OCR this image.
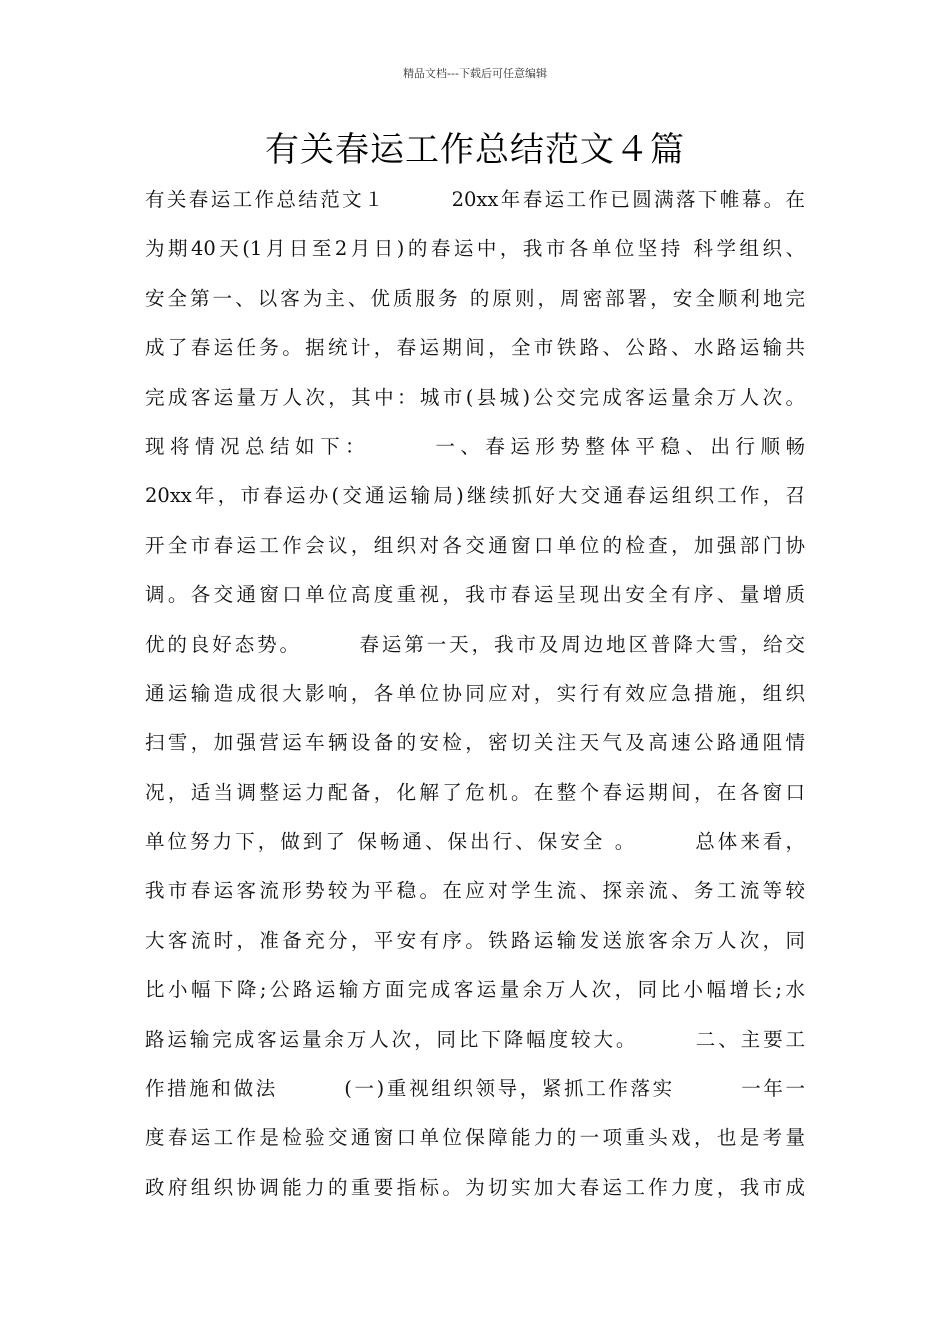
精品文档---下载后可任意编辑
有关春运工作总结范文４篇
有关春运工作总结范文１　　　20xx年春运工作已圆满落下帷幕。在
为期40天(1月日至2月日)的春运中，我市各单位坚持 科学组织、
安全第一、以客为主、优质服务 的原则，周密部署，安全顺利地完
成了春运任务。据统计，春运期间，全市铁路、公路、水路运输共
完成客运量万人次，其中：城市(县城)公交完成客运量余万人次。
现将情况总结如下：　　　一、春运形势整体平稳、出行顺畅
20xx年，市春运办(交通运输局)继续抓好大交通春运组织工作，召
开全市春运工作会议，组织对各交通窗口单位的检查，加强部门协
调。各交通窗口单位高度重视，我市春运呈现出安全有序、量增质
优的良好态势。　　　春运第一天，我市及周边地区普降大雪，给交
通运输造成很大影响，各单位协同应对，实行有效应急措施，组织
扫雪，加强营运车辆设备的安检，密切关注天气及高速公路通阻情
况，适当调整运力配备，化解了危机。在整个春运期间，在各窗口
单位努力下，做到了 保畅通、保出行、保安全 。　　　总体来看，
我市春运客流形势较为平稳。在应对学生流、探亲流、务工流等较
大客流时，准备充分，平安有序。铁路运输发送旅客余万人次，同
比小幅下降;公路运输方面完成客运量余万人次，同比小幅增长;水
路运输完成客运量余万人次，同比下降幅度较大。　　　二、主要工
作措施和做法　　　(一)重视组织领导，紧抓工作落实　　　一年一
度春运工作是检验交通窗口单位保障能力的一项重头戏，也是考量
政府组织协调能力的重要指标。为切实加大春运工作力度，我市成
